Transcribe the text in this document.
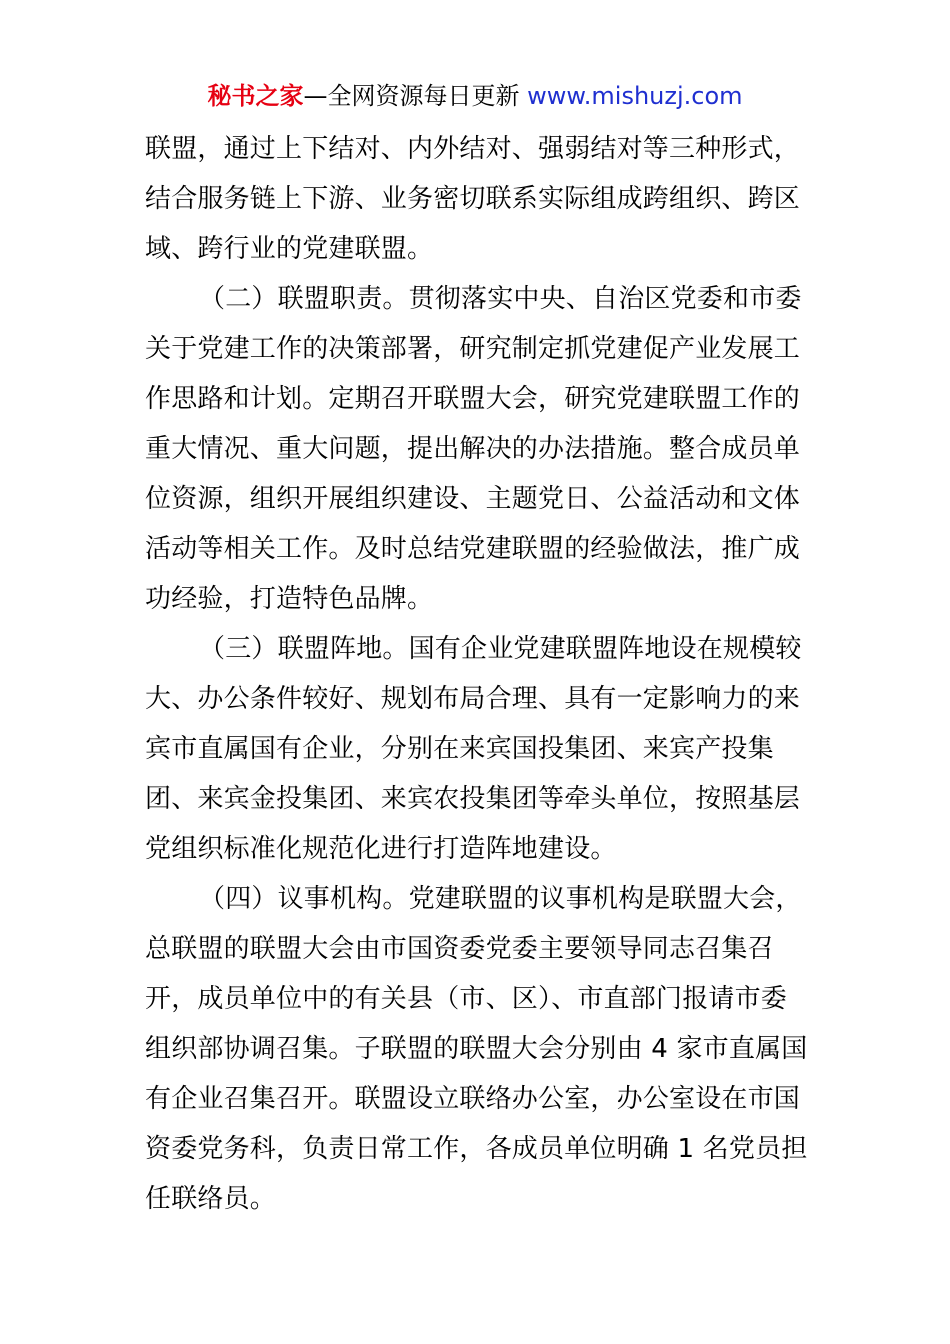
秘书之家—全网资源每日更新 www.mishuzj.com
联盟，通过上下结对、内外结对、强弱结对等三种形式，
结合服务链上下游、业务密切联系实际组成跨组织、跨区
域、跨行业的党建联盟。
（二）联盟职责。贯彻落实中央、自治区党委和市委
关于党建工作的决策部署，研究制定抓党建促产业发展工
作思路和计划。定期召开联盟大会，研究党建联盟工作的
重大情况、重大问题，提出解决的办法措施。整合成员单
位资源，组织开展组织建设、主题党日、公益活动和文体
活动等相关工作。及时总结党建联盟的经验做法，推广成
功经验，打造特色品牌。
（三）联盟阵地。国有企业党建联盟阵地设在规模较
大、办公条件较好、规划布局合理、具有一定影响力的来
宾市直属国有企业，分别在来宾国投集团、来宾产投集
团、来宾金投集团、来宾农投集团等牵头单位，按照基层
党组织标准化规范化进行打造阵地建设。
（四）议事机构。党建联盟的议事机构是联盟大会，
总联盟的联盟大会由市国资委党委主要领导同志召集召
开，成员单位中的有关县（市、区）、市直部门报请市委
组织部协调召集。子联盟的联盟大会分别由 4 家市直属国
有企业召集召开。联盟设立联络办公室，办公室设在市国
资委党务科，负责日常工作，各成员单位明确 1 名党员担
任联络员。
